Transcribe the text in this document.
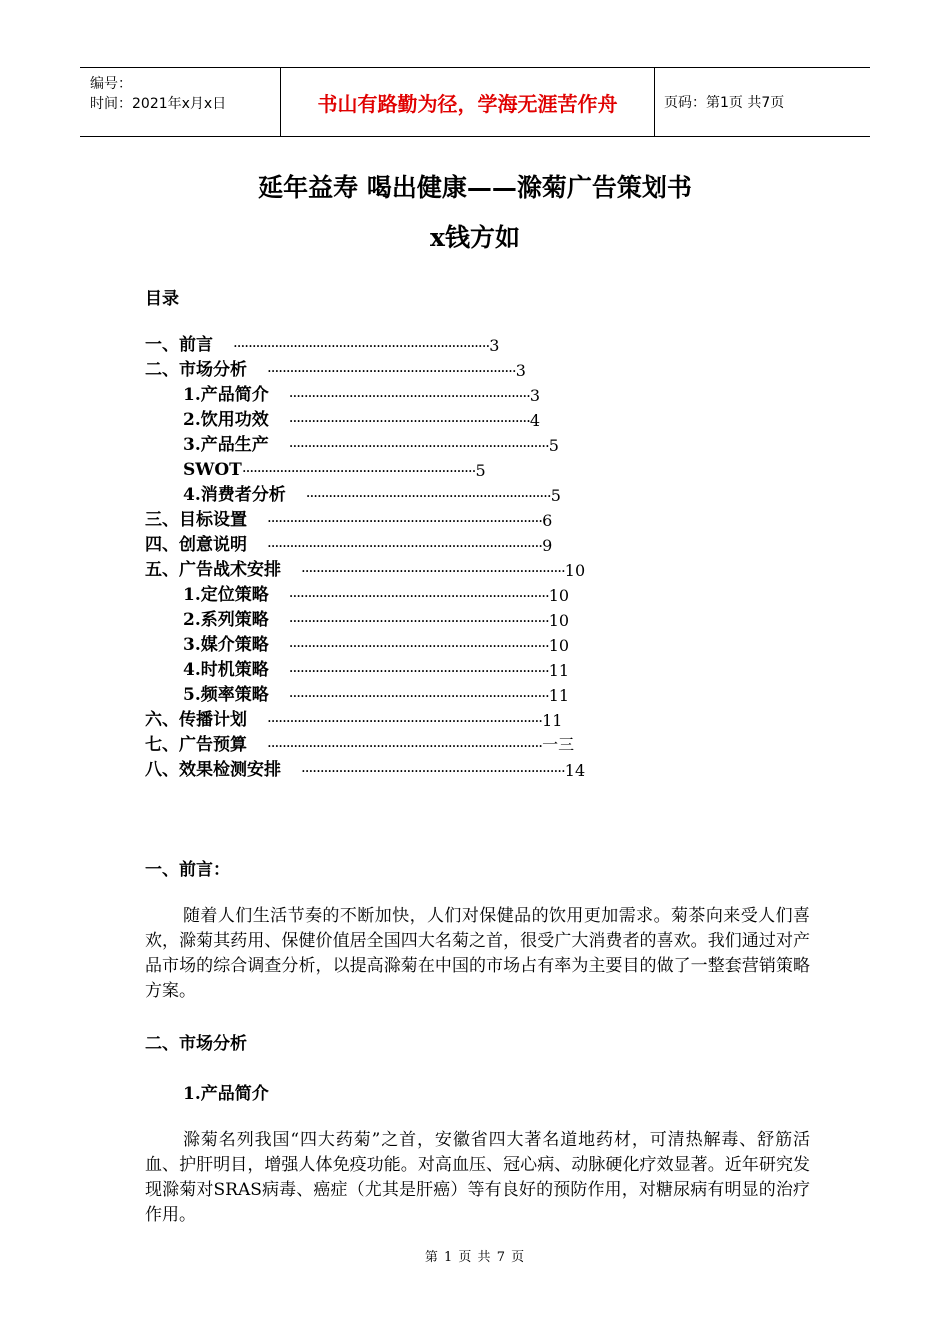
编号：
时间：2021年x月x日	书山有路勤为径，学海无涯苦作舟	页码：第1页 共7页
延年益寿 喝出健康——滁菊广告策划书
x钱方如
目录
一、前言 ···································································· 3
二、市场分析 ·································································· 3
1.产品简介 ································································ 3
2.饮用功效 ································································ 4
3.产品生产 ····································································· 5
SWOT ······························································ 5
4.消费者分析 ································································· 5
三、目标设置 ········································································· 6
四、创意说明 ········································································· 9
五、广告战术安排 ······································································ 10
1.定位策略 ····································································· 10
2.系列策略 ····································································· 10
3.媒介策略 ····································································· 10
4.时机策略 ····································································· 11
5.频率策略 ····································································· 11
六、传播计划 ········································································· 11
七、广告预算 ········································································· 一三
八、效果检测安排 ······································································ 14
一、前言：
随着人们生活节奏的不断加快，人们对保健品的饮用更加需求。菊茶向来受人们喜欢，滁菊其药用、保健价值居全国四大名菊之首，很受广大消费者的喜欢。我们通过对产品市场的综合调查分析，以提高滁菊在中国的市场占有率为主要目的做了一整套营销策略方案。
二、市场分析
1.产品简介
滁菊名列我国“四大药菊”之首，安徽省四大著名道地药材，可清热解毒、舒筋活血、护肝明目，增强人体免疫功能。对高血压、冠心病、动脉硬化疗效显著。近年研究发现滁菊对SRAS病毒、癌症（尤其是肝癌）等有良好的预防作用，对糖尿病有明显的治疗作用。
第 1 页 共 7 页
